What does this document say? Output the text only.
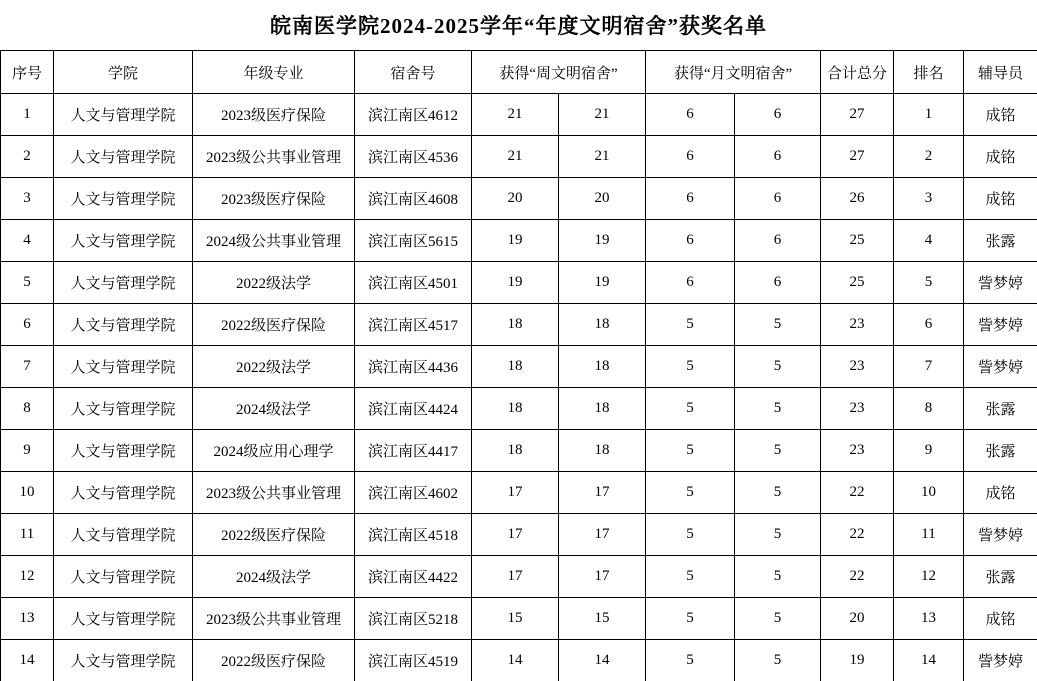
皖南医学院2024-2025学年“年度文明宿舍”获奖名单
序号	学院	年级专业	宿舍号	获得“周文明宿舍”		获得“月文明宿舍”		合计总分	排名	辅导员
1	人文与管理学院	2023级医疗保险	滨江南区4612	21	21	6	6	27	1	成铭
2	人文与管理学院	2023级公共事业管理	滨江南区4536	21	21	6	6	27	2	成铭
3	人文与管理学院	2023级医疗保险	滨江南区4608	20	20	6	6	26	3	成铭
4	人文与管理学院	2024级公共事业管理	滨江南区5615	19	19	6	6	25	4	张露
5	人文与管理学院	2022级法学	滨江南区4501	19	19	6	6	25	5	訾梦婷
6	人文与管理学院	2022级医疗保险	滨江南区4517	18	18	5	5	23	6	訾梦婷
7	人文与管理学院	2022级法学	滨江南区4436	18	18	5	5	23	7	訾梦婷
8	人文与管理学院	2024级法学	滨江南区4424	18	18	5	5	23	8	张露
9	人文与管理学院	2024级应用心理学	滨江南区4417	18	18	5	5	23	9	张露
10	人文与管理学院	2023级公共事业管理	滨江南区4602	17	17	5	5	22	10	成铭
11	人文与管理学院	2022级医疗保险	滨江南区4518	17	17	5	5	22	11	訾梦婷
12	人文与管理学院	2024级法学	滨江南区4422	17	17	5	5	22	12	张露
13	人文与管理学院	2023级公共事业管理	滨江南区5218	15	15	5	5	20	13	成铭
14	人文与管理学院	2022级医疗保险	滨江南区4519	14	14	5	5	19	14	訾梦婷
